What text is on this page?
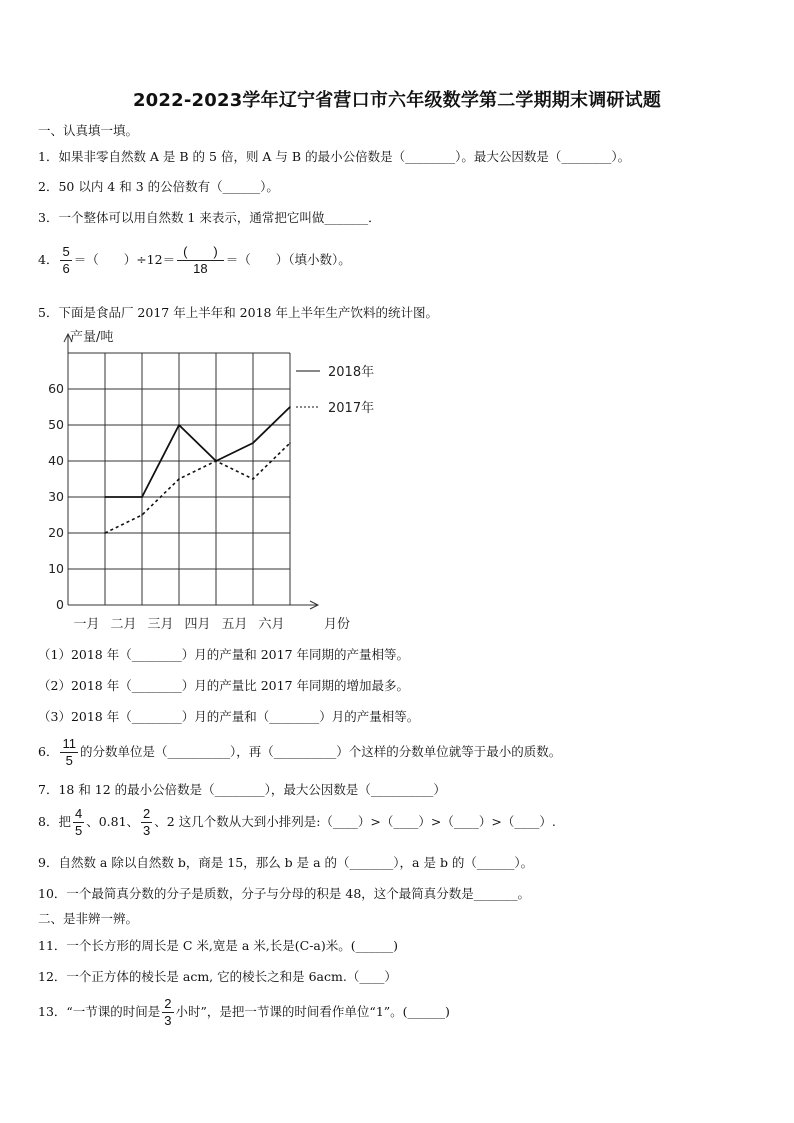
2022-2023学年辽宁省营口市六年级数学第二学期期末调研试题
一、认真填一填。
1．如果非零自然数 A 是 B 的 5 倍，则 A 与 B 的最小公倍数是（________）。最大公因数是（________）。
2．50 以内 4 和 3 的公倍数有（______）。
3．一个整体可以用自然数 1 来表示，通常把它叫做_______．
4． $\frac{5}{6}$ ＝（　　）$\div 12= \frac{( )}{18}$ ＝（　　）（填小数）。
5．下面是食品厂 2017 年上半年和 2018 年上半年生产饮料的统计图。
0
10
20
30
40
50
60
一月 二月 三月 四月 五月 六月
2018年
2017年
产量/吨
月份
（1）2018 年（________）月的产量和 2017 年同期的产量相等。
（2）2018 年（________）月的产量比 2017 年同期的增加最多。
（3）2018 年（________）月的产量和（________）月的产量相等。
6． $\frac{11}{5}$ 的分数单位是（__________），再（__________）个这样的分数单位就等于最小的质数。
7．18 和 12 的最小公倍数是（________），最大公因数是（__________）
8．把 $\frac{4}{5}$ 、0.81、 $\frac{2}{3}$ 、2 这几个数从大到小排列是:（____）>（____）>（____）>（____）.
9．自然数 a 除以自然数 b，商是 15，那么 b 是 a 的（_______），a 是 b 的（______）。
10．一个最简真分数的分子是质数，分子与分母的积是 48，这个最简真分数是_______。
二、是非辨一辨。
11．一个长方形的周长是 C 米,宽是 a 米,长是(C-a)米。(______)
12．一个正方体的棱长是 acm, 它的棱长之和是 6acm.（____）
13．“一节课的时间是 $\frac{2}{3}$ 小时”，是把一节课的时间看作单位“1”。(______)
